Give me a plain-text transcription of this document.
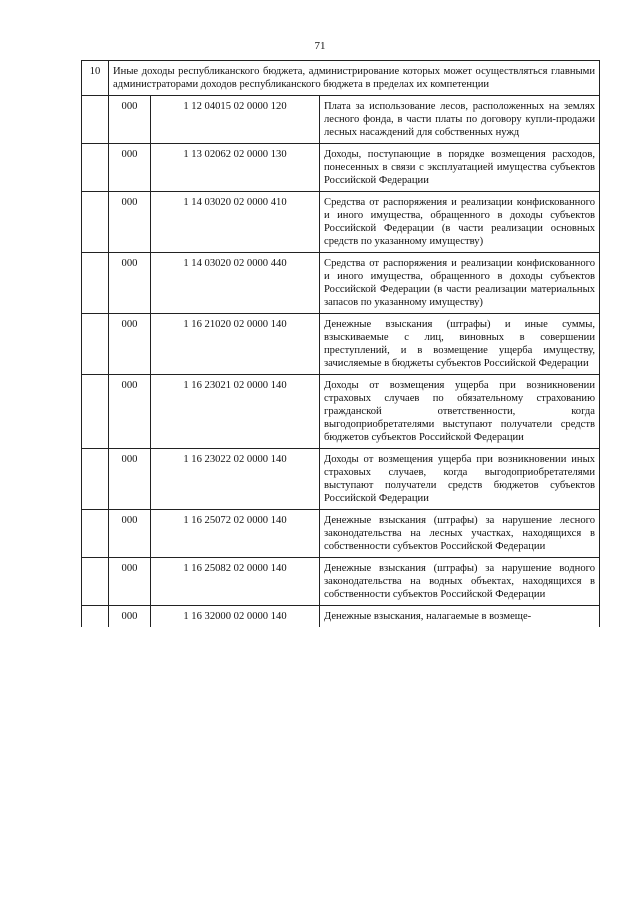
71
10	Иные доходы республиканского бюджета, администрирование которых может осуществляться главными администраторами доходов республиканского бюджета в пределах их компетенции		
	000	1 12 04015 02 0000 120	Плата за использование лесов, расположенных на землях лесного фонда, в части платы по договору купли-продажи лесных насаждений для собственных нужд
	000	1 13 02062 02 0000 130	Доходы, поступающие в порядке возмещения расходов, понесенных в связи с эксплуатацией имущества субъектов Российской Федерации
	000	1 14 03020 02 0000 410	Средства от распоряжения и реализации конфискованного и иного имущества, обращенного в доходы субъектов Российской Федерации (в части реализации основных средств по указанному имуществу)
	000	1 14 03020 02 0000 440	Средства от распоряжения и реализации конфискованного и иного имущества, обращенного в доходы субъектов Российской Федерации (в части реализации материальных запасов по указанному имуществу)
	000	1 16 21020 02 0000 140	Денежные взыскания (штрафы) и иные суммы, взыскиваемые с лиц, виновных в совершении преступлений, и в возмещение ущерба имуществу, зачисляемые в бюджеты субъектов Российской Федерации
	000	1 16 23021 02 0000 140	Доходы от возмещения ущерба при возникновении страховых случаев по обязательному страхованию гражданской ответственности, когда выгодоприобретателями выступают получатели средств бюджетов субъектов Российской Федерации
	000	1 16 23022 02 0000 140	Доходы от возмещения ущерба при возникновении иных страховых случаев, когда выгодоприобретателями выступают получатели средств бюджетов субъектов Российской Федерации
	000	1 16 25072 02 0000 140	Денежные взыскания (штрафы) за нарушение лесного законодательства на лесных участках, находящихся в собственности субъектов Российской Федерации
	000	1 16 25082 02 0000 140	Денежные взыскания (штрафы) за нарушение водного законодательства на водных объектах, находящихся в собственности субъектов Российской Федерации
	000	1 16 32000 02 0000 140	Денежные взыскания, налагаемые в возмеще-
